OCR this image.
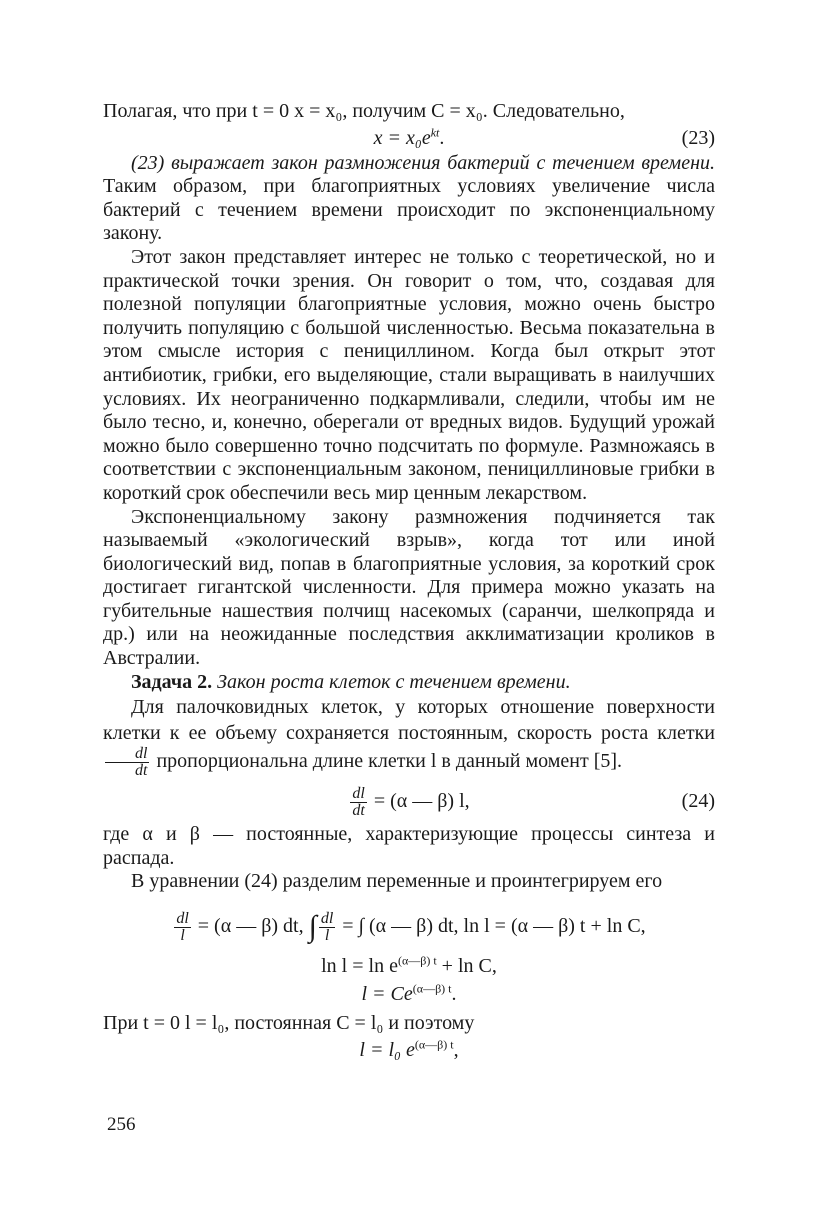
Полагая, что при t = 0 x = x₀, получим C = x₀. Следовательно,

$x = x_0e^{kt}$.	(23)

(23) выражает закон размножения бактерий с течением времени. Таким образом, при благоприятных условиях увеличение числа бактерий с течением времени происходит по экспоненциальному закону.

Этот закон представляет интерес не только с теоретической, но и практической точки зрения. Он говорит о том, что, создавая для полезной популяции благоприятные условия, можно очень быстро получить популяцию с большой численностью. Весьма показательна в этом смысле история с пенициллином. Когда был открыт этот антибиотик, грибки, его выделяющие, стали выращивать в наилучших условиях. Их неограниченно подкармливали, следили, чтобы им не было тесно, и, конечно, оберегали от вредных видов. Будущий урожай можно было совершенно точно подсчитать по формуле. Размножаясь в соответствии с экспоненциальным законом, пенициллиновые грибки в короткий срок обеспечили весь мир ценным лекарством.

Экспоненциальному закону размножения подчиняется так называемый «экологический взрыв», когда тот или иной биологический вид, попав в благоприятные условия, за короткий срок достигает гигантской численности. Для примера можно указать на губительные нашествия полчищ насекомых (саранчи, шелкопряда и др.) или на неожиданные последствия акклиматизации кроликов в Австралии.

Задача 2. Закон роста клеток с течением времени.

Для палочковидных клеток, у которых отношение поверхности клетки к ее объему сохраняется постоянным, скорость роста клетки
$\frac{dl}{dt}$ пропорциональна длине клетки l в данный момент [5].

$\frac{dl}{dt} = (\alpha$ — β) l,	(24)

где α и β — постоянные, характеризующие процессы синтеза и распада.

В уравнении (24) разделим переменные и проинтегрируем его

$\frac{dl}{l} = (\alpha$ — β) dt, ∫ $\frac{dl}{l}$ = ∫ (α — β) dt, ln l = (α — β) t + ln C,
$\ln l = \ln e^{(\alpha—\beta) t} + \ln C$,
$l = Ce^{(\alpha—\beta) t}$.

При t = 0 l = l₀, постоянная C = l₀ и поэтому

l = l₀ $e^{(\alpha—\beta) t}$,
256
